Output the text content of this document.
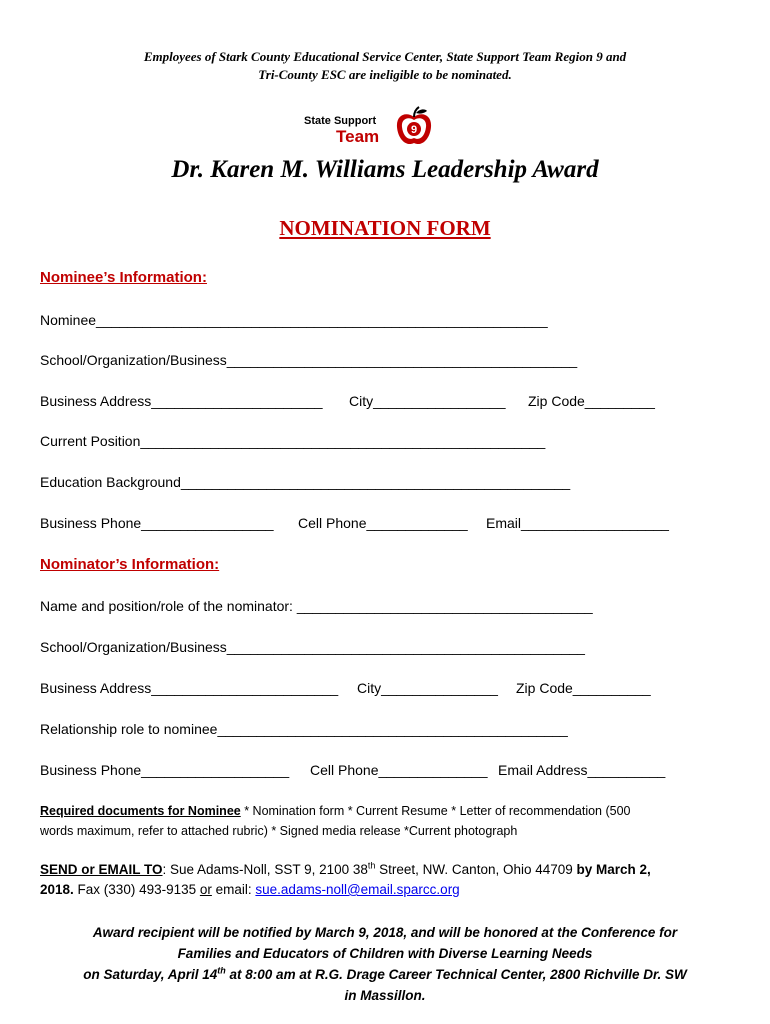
Employees of Stark County Educational Service Center, State Support Team Region 9 and
Tri-County ESC are ineligible to be nominated.
State Support
Team	9
Dr. Karen M. Williams Leadership Award
NOMINATION FORM
Nominee’s Information:
Nominee__________________________________________________________
School/Organization/Business_____________________________________________
Business Address______________________ City_________________ Zip Code_________
Current Position____________________________________________________
Education Background__________________________________________________
Business Phone_________________ Cell Phone_____________ Email___________________
Nominator’s Information:
Name and position/role of the nominator: ______________________________________
School/Organization/Business______________________________________________
Business Address________________________ City_______________ Zip Code__________
Relationship role to nominee_____________________________________________
Business Phone___________________ Cell Phone______________ Email Address__________
Required documents for Nominee * Nomination form * Current Resume * Letter of recommendation (500
words maximum, refer to attached rubric) * Signed media release *Current photograph
SEND or EMAIL TO: Sue Adams-Noll, SST 9, 2100 38th Street, NW. Canton, Ohio 44709 by March 2,
2018. Fax (330) 493-9135 or email: sue.adams-noll@email.sparcc.org
Award recipient will be notified by March 9, 2018, and will be honored at the Conference for
Families and Educators of Children with Diverse Learning Needs
on Saturday, April 14th at 8:00 am at R.G. Drage Career Technical Center, 2800 Richville Dr. SW
in Massillon.
